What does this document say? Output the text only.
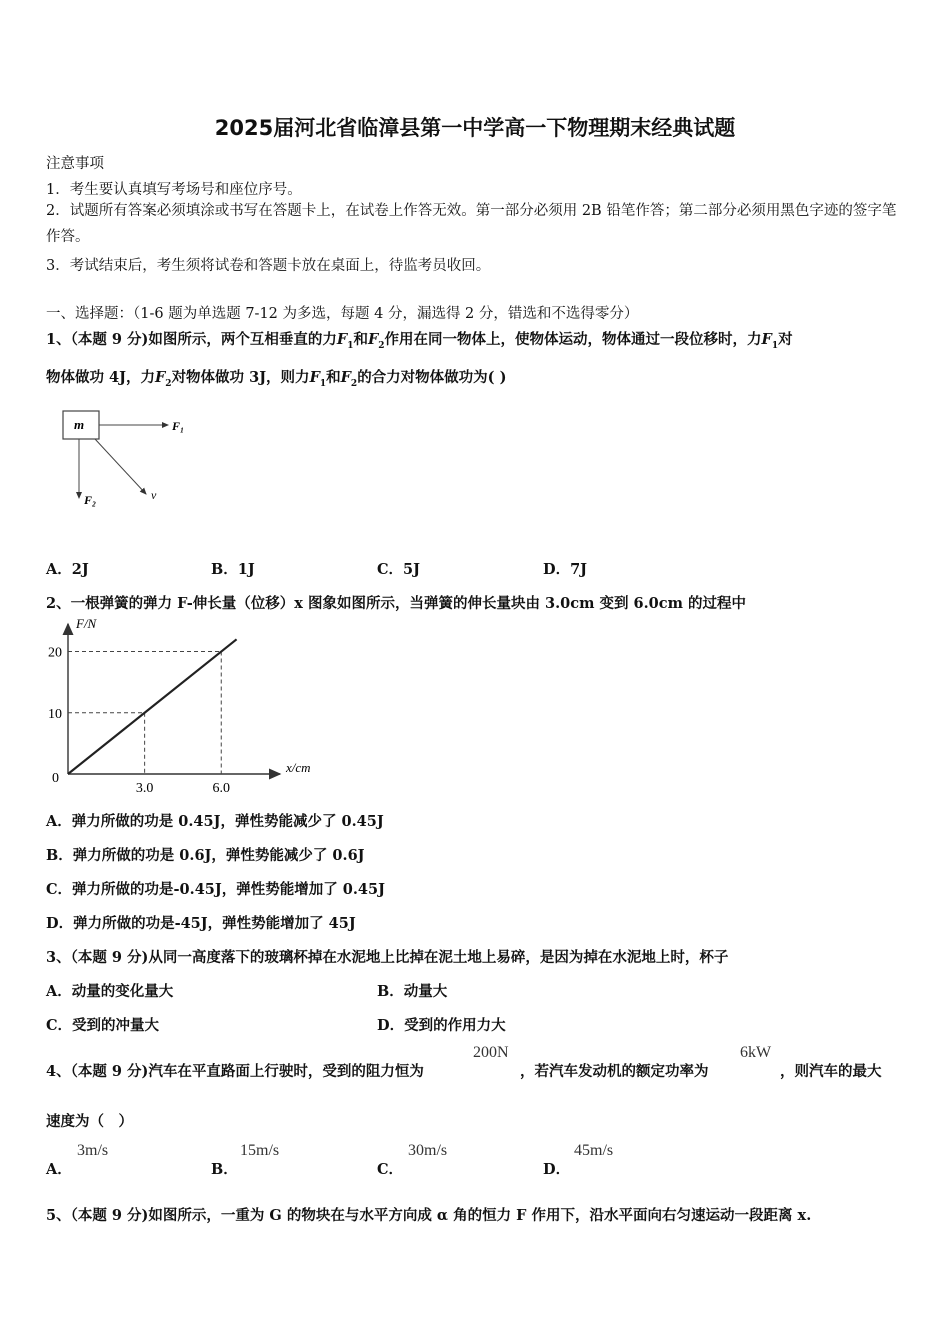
2025届河北省临漳县第一中学高一下物理期末经典试题
注意事项
1．考生要认真填写考场号和座位序号。
2．试题所有答案必须填涂或书写在答题卡上，在试卷上作答无效。第一部分必须用 2B 铅笔作答；第二部分必须用黑色字迹的签字笔作答。
3．考试结束后，考生须将试卷和答题卡放在桌面上，待监考员收回。
一、选择题：（1-6 题为单选题 7-12 为多选，每题 4 分，漏选得 2 分，错选和不选得零分）
1、（本题 9 分)如图所示，两个互相垂直的力$F_1$和$F_2$作用在同一物体上，使物体运动，物体通过一段位移时，力$F_1$对
物体做功 4J，力$F_2$对物体做功 3J，则力$F_1$和$F_2$的合力对物体做功为( )
m	F₁
F₂	v
A．2J	B．1J	C．5J	D．7J
2、一根弹簧的弹力 F-伸长量（位移）x 图象如图所示，当弹簧的伸长量块由 3.0cm 变到 6.0cm 的过程中
3.0	6.0
10
20
F/N
x/cm
0
A．弹力所做的功是 0.45J，弹性势能减少了 0.45J
B．弹力所做的功是 0.6J，弹性势能减少了 0.6J
C．弹力所做的功是-0.45J，弹性势能增加了 0.45J
D．弹力所做的功是-45J，弹性势能增加了 45J
3、（本题 9 分)从同一高度落下的玻璃杯掉在水泥地上比掉在泥土地上易碎，是因为掉在水泥地上时，杯子
A．动量的变化量大	B．动量大
C．受到的冲量大	D．受到的作用力大
4、（本题 9 分)汽车在平直路面上行驶时，受到的阻力恒为
200N
，若汽车发动机的额定功率为
6kW
，则汽车的最大
速度为（　）
A．
3m/s
B．
15m/s
C．
30m/s
D．
45m/s
5、（本题 9 分)如图所示，一重为 G 的物块在与水平方向成 α 角的恒力 F 作用下，沿水平面向右匀速运动一段距离 x.
